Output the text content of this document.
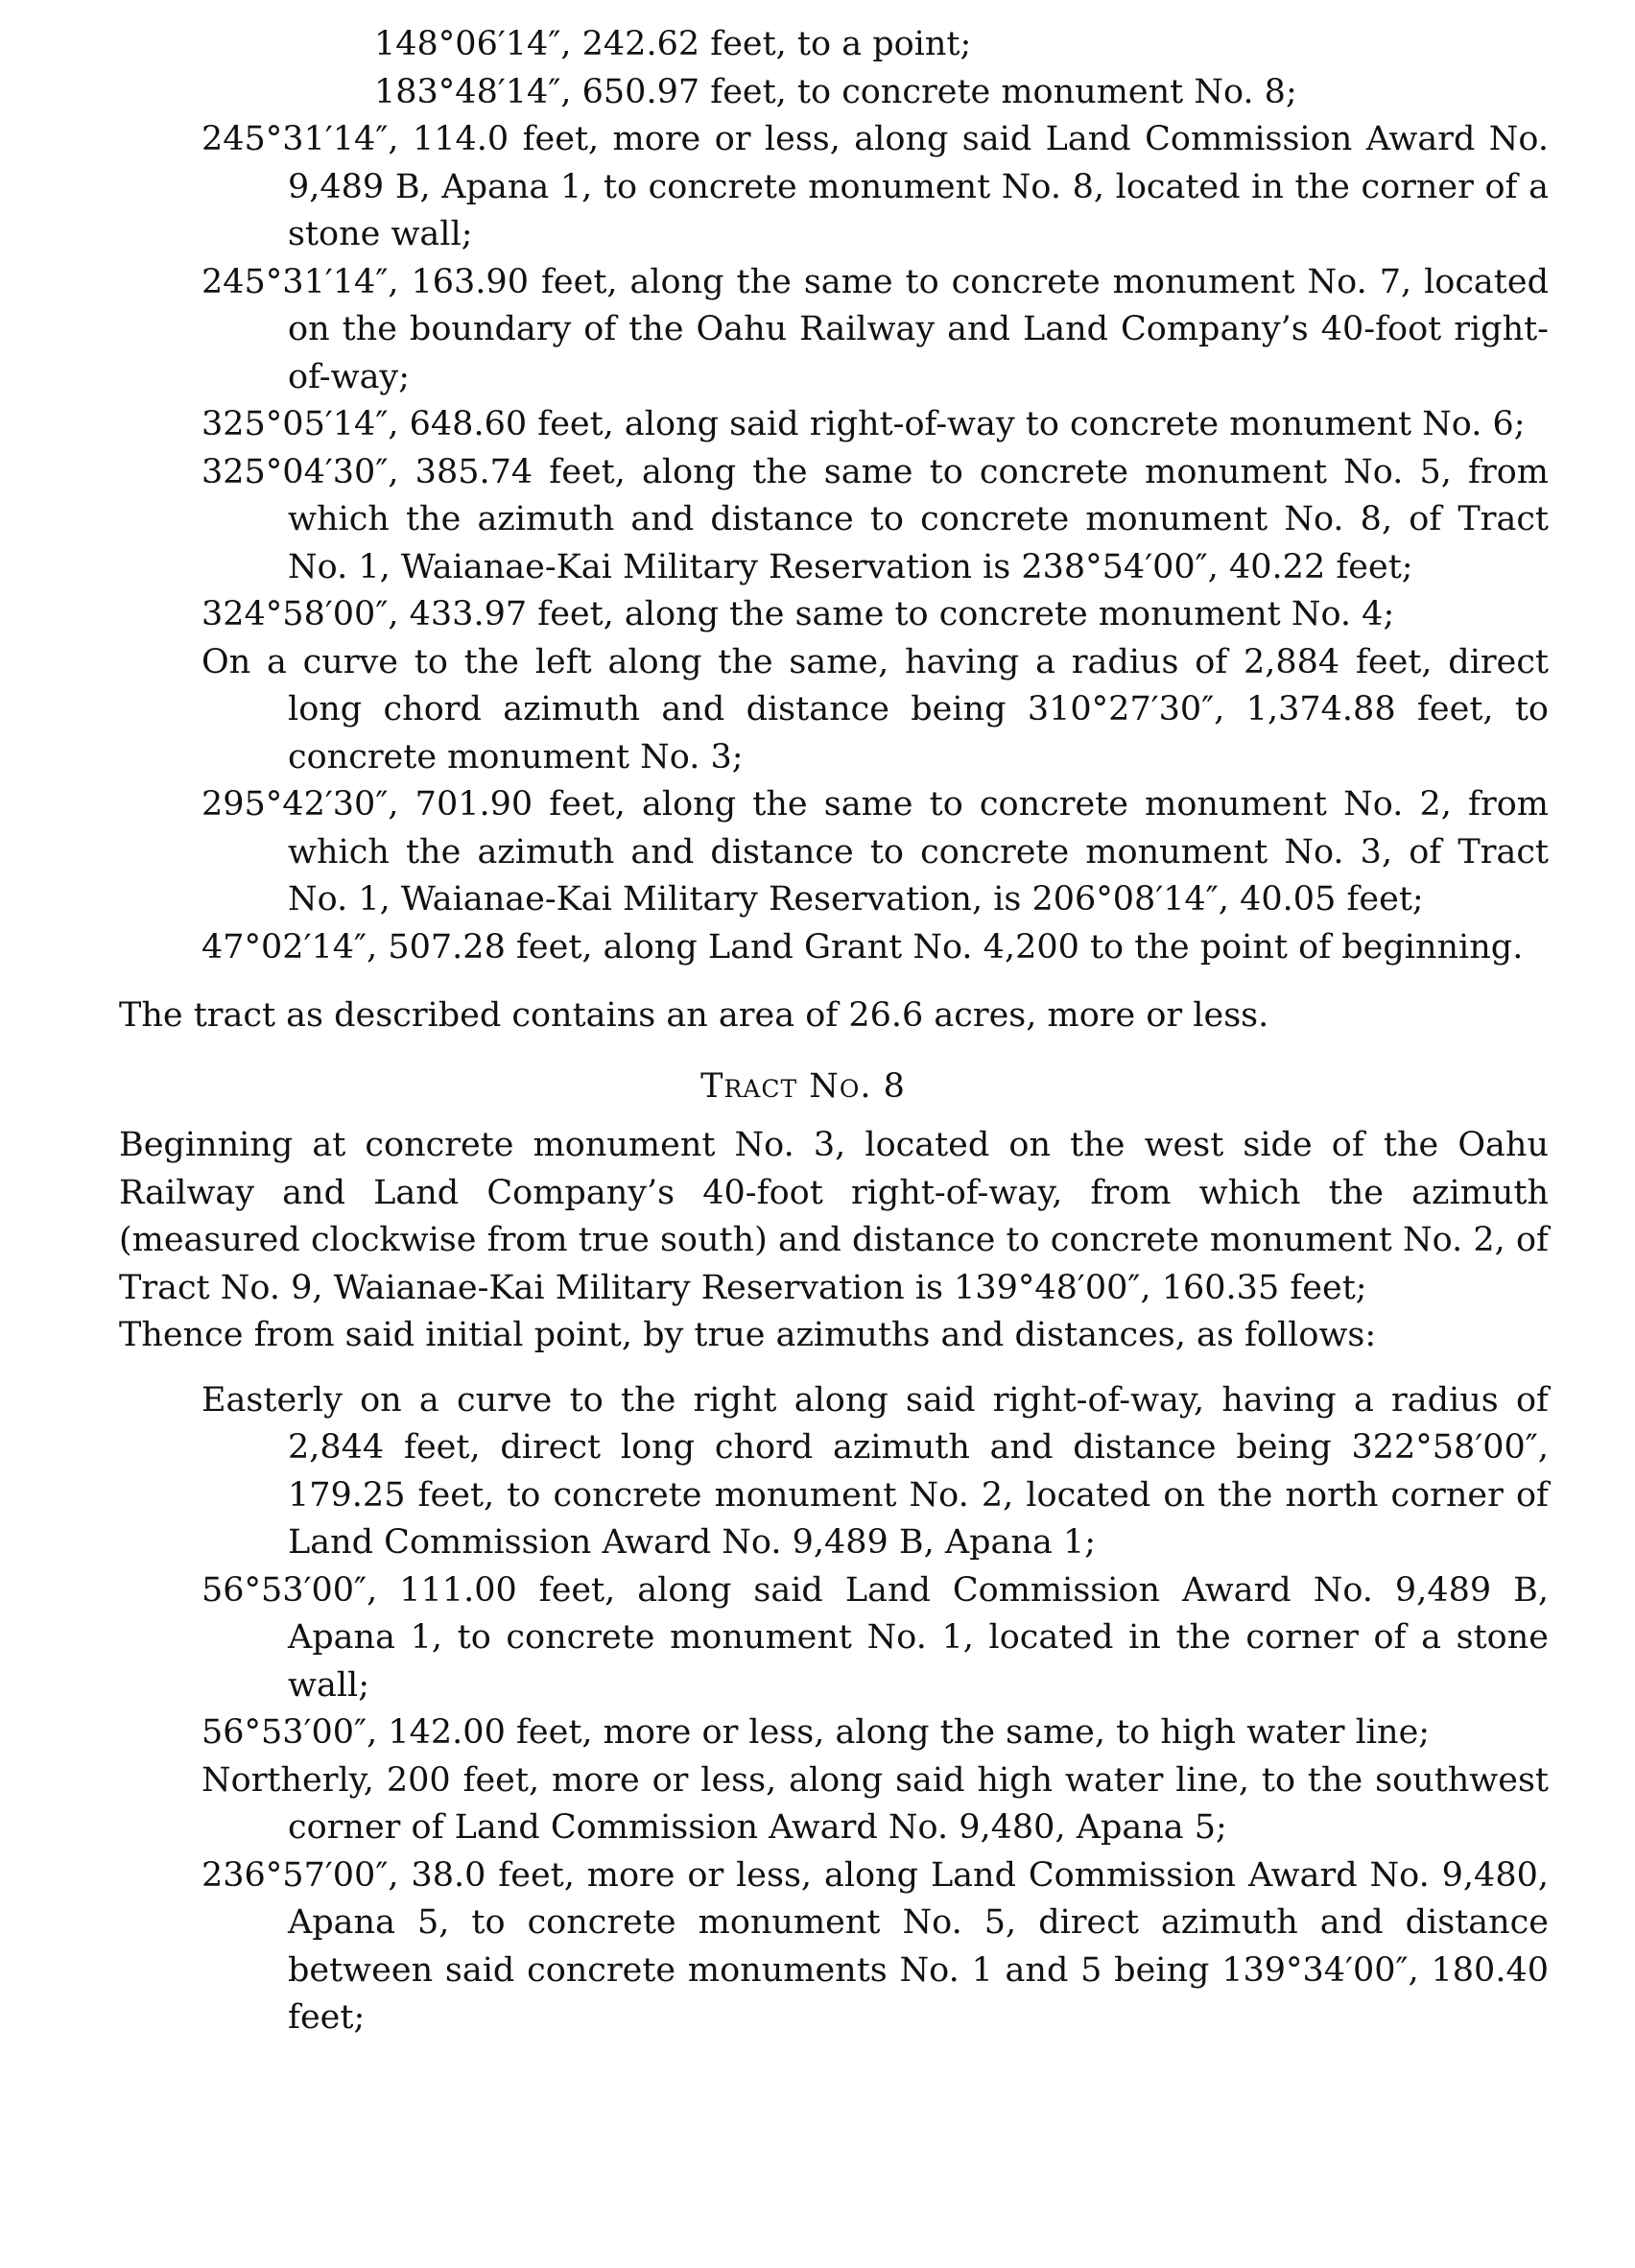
148°06′14″, 242.62 feet, to a point;

183°48′14″, 650.97 feet, to concrete monument No. 8;

245°31′14″, 114.0 feet, more or less, along said Land Commission Award No. 9,489 B, Apana 1, to concrete monument No. 8, located in the corner of a stone wall;

245°31′14″, 163.90 feet, along the same to concrete monument No. 7, located on the boundary of the Oahu Railway and Land Company’s 40-foot right-of-way;

325°05′14″, 648.60 feet, along said right-of-way to concrete monument No. 6;

325°04′30″, 385.74 feet, along the same to concrete monument No. 5, from which the azimuth and distance to concrete monument No. 8, of Tract No. 1, Waianae-Kai Military Reservation is 238°54′00″, 40.22 feet;

324°58′00″, 433.97 feet, along the same to concrete monument No. 4;

On a curve to the left along the same, having a radius of 2,884 feet, direct long chord azimuth and distance being 310°27′30″, 1,374.88 feet, to concrete monument No. 3;

295°42′30″, 701.90 feet, along the same to concrete monument No. 2, from which the azimuth and distance to concrete monument No. 3, of Tract No. 1, Waianae-Kai Military Reservation, is 206°08′14″, 40.05 feet;

47°02′14″, 507.28 feet, along Land Grant No. 4,200 to the point of beginning.

The tract as described contains an area of 26.6 acres, more or less.

Tract No. 8

Beginning at concrete monument No. 3, located on the west side of the Oahu Railway and Land Company’s 40-foot right-of-way, from which the azimuth (measured clockwise from true south) and distance to concrete monument No. 2, of Tract No. 9, Waianae-Kai Military Reservation is 139°48′00″, 160.35 feet;

Thence from said initial point, by true azimuths and distances, as follows:

Easterly on a curve to the right along said right-of-way, having a radius of 2,844 feet, direct long chord azimuth and distance being 322°58′00″, 179.25 feet, to concrete monument No. 2, located on the north corner of Land Commission Award No. 9,489 B, Apana 1;

56°53′00″, 111.00 feet, along said Land Commission Award No. 9,489 B, Apana 1, to concrete monument No. 1, located in the corner of a stone wall;

56°53′00″, 142.00 feet, more or less, along the same, to high water line;

Northerly, 200 feet, more or less, along said high water line, to the southwest corner of Land Commission Award No. 9,480, Apana 5;

236°57′00″, 38.0 feet, more or less, along Land Commission Award No. 9,480, Apana 5, to concrete monument No. 5, direct azimuth and distance between said concrete monuments No. 1 and 5 being 139°34′00″, 180.40 feet;
